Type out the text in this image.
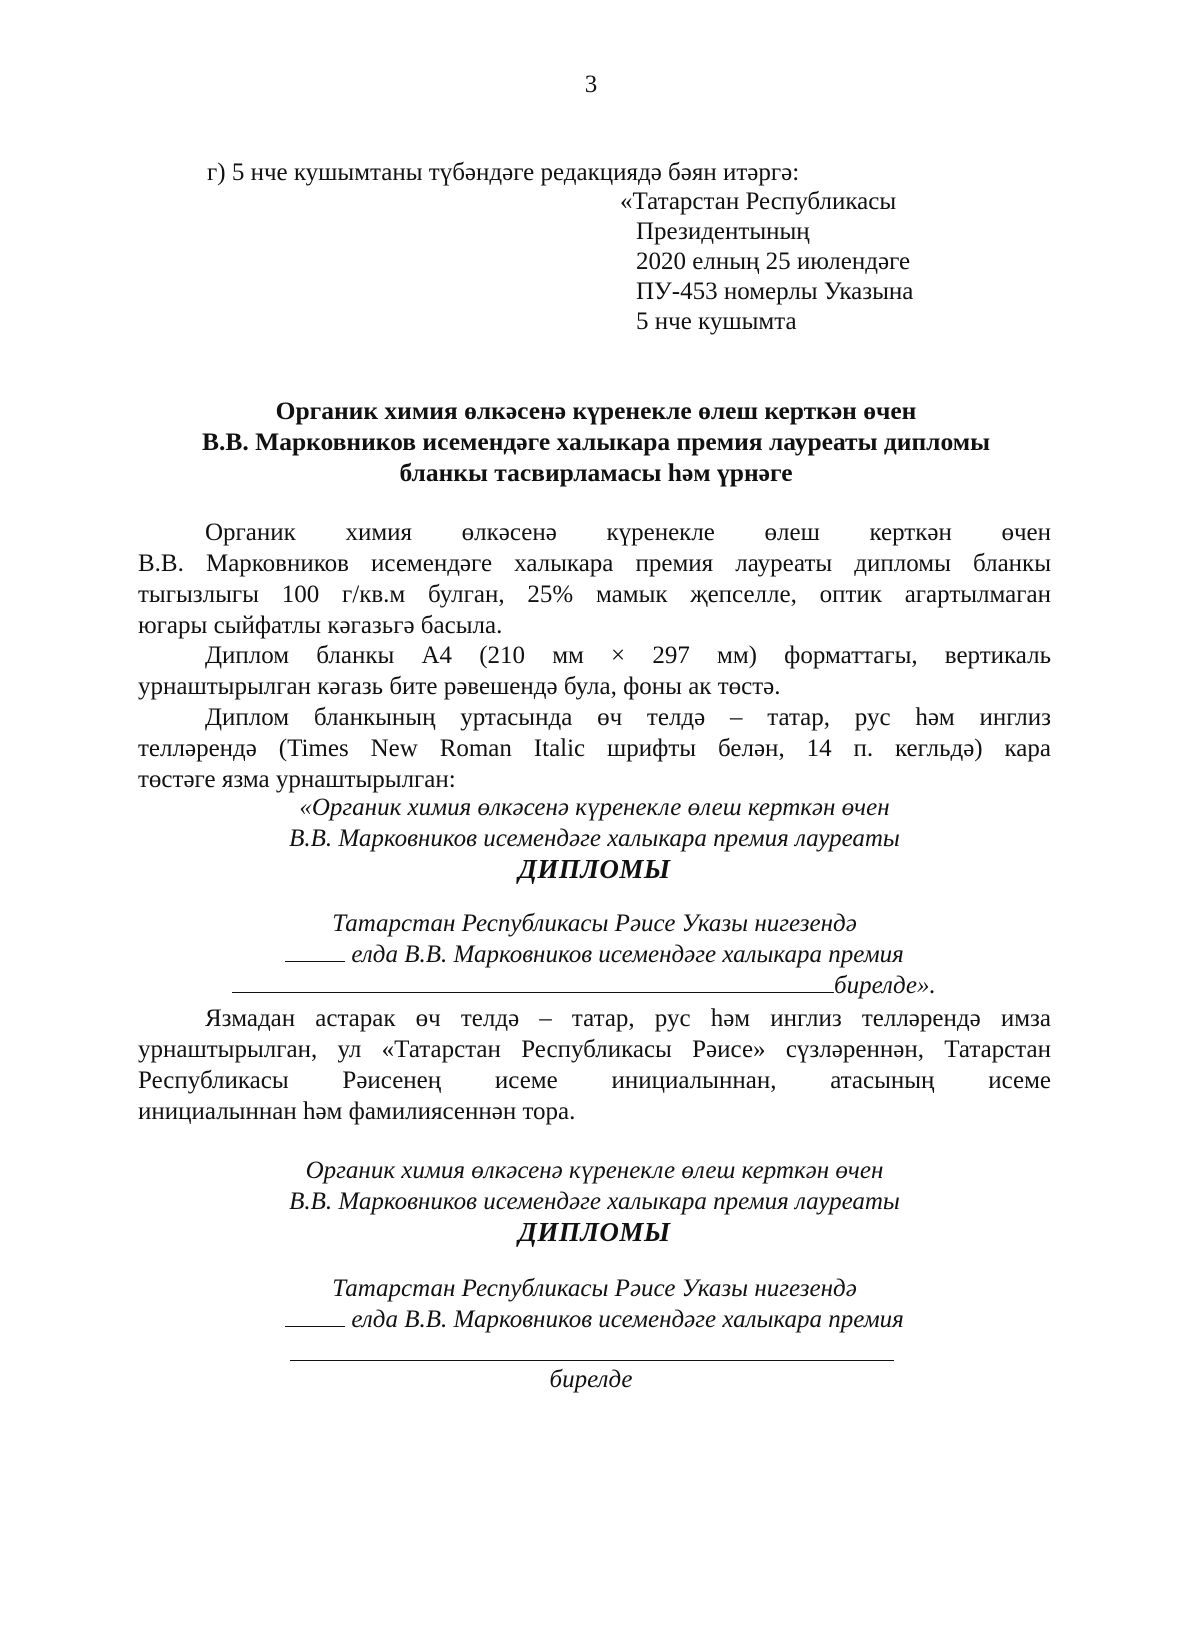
3
г) 5 нче кушымтаны түбәндәге редакциядә бәян итәргә:
«Татарстан Республикасы
Президентының
2020 елның 25 июлендәге
ПУ-453 номерлы Указына
5 нче кушымта
Органик химия өлкәсенә күренекле өлеш керткән өчен
В.В. Марковников исемендәге халыкара премия лауреаты дипломы
бланкы тасвирламасы һәм үрнәге
Органик химия өлкәсенә күренекле өлеш керткән өчен
В.В. Марковников исемендәге халыкара премия лауреаты дипломы бланкы
тыгызлыгы 100 г/кв.м булган, 25% мамык җепселле, оптик агартылмаган
югары сыйфатлы кәгазьгә басыла.
Диплом бланкы А4 (210 мм × 297 мм) форматтагы, вертикаль
урнаштырылган кәгазь бите рәвешендә була, фоны ак төстә.
Диплом бланкының уртасында өч телдә – татар, рус һәм инглиз
телләрендә (Times New Roman Italic шрифты белән, 14 п. кегльдә) кара
төстәге язма урнаштырылган:
«Органик химия өлкәсенә күренекле өлеш керткән өчен
В.В. Марковников исемендәге халыкара премия лауреаты
ДИПЛОМЫ
Татарстан Республикасы Рәисе Указы нигезендә
елда В.В. Марковников исемендәге халыкара премия
бирелде».
Язмадан астарак өч телдә – татар, рус һәм инглиз телләрендә имза
урнаштырылган, ул «Татарстан Республикасы Рәисе» сүзләреннән, Татарстан
Республикасы Рәисенең исеме инициалыннан, атасының исеме
инициалыннан һәм фамилиясеннән тора.
Органик химия өлкәсенә күренекле өлеш керткән өчен
В.В. Марковников исемендәге халыкара премия лауреаты
ДИПЛОМЫ
Татарстан Республикасы Рәисе Указы нигезендә
елда В.В. Марковников исемендәге халыкара премия
бирелде
